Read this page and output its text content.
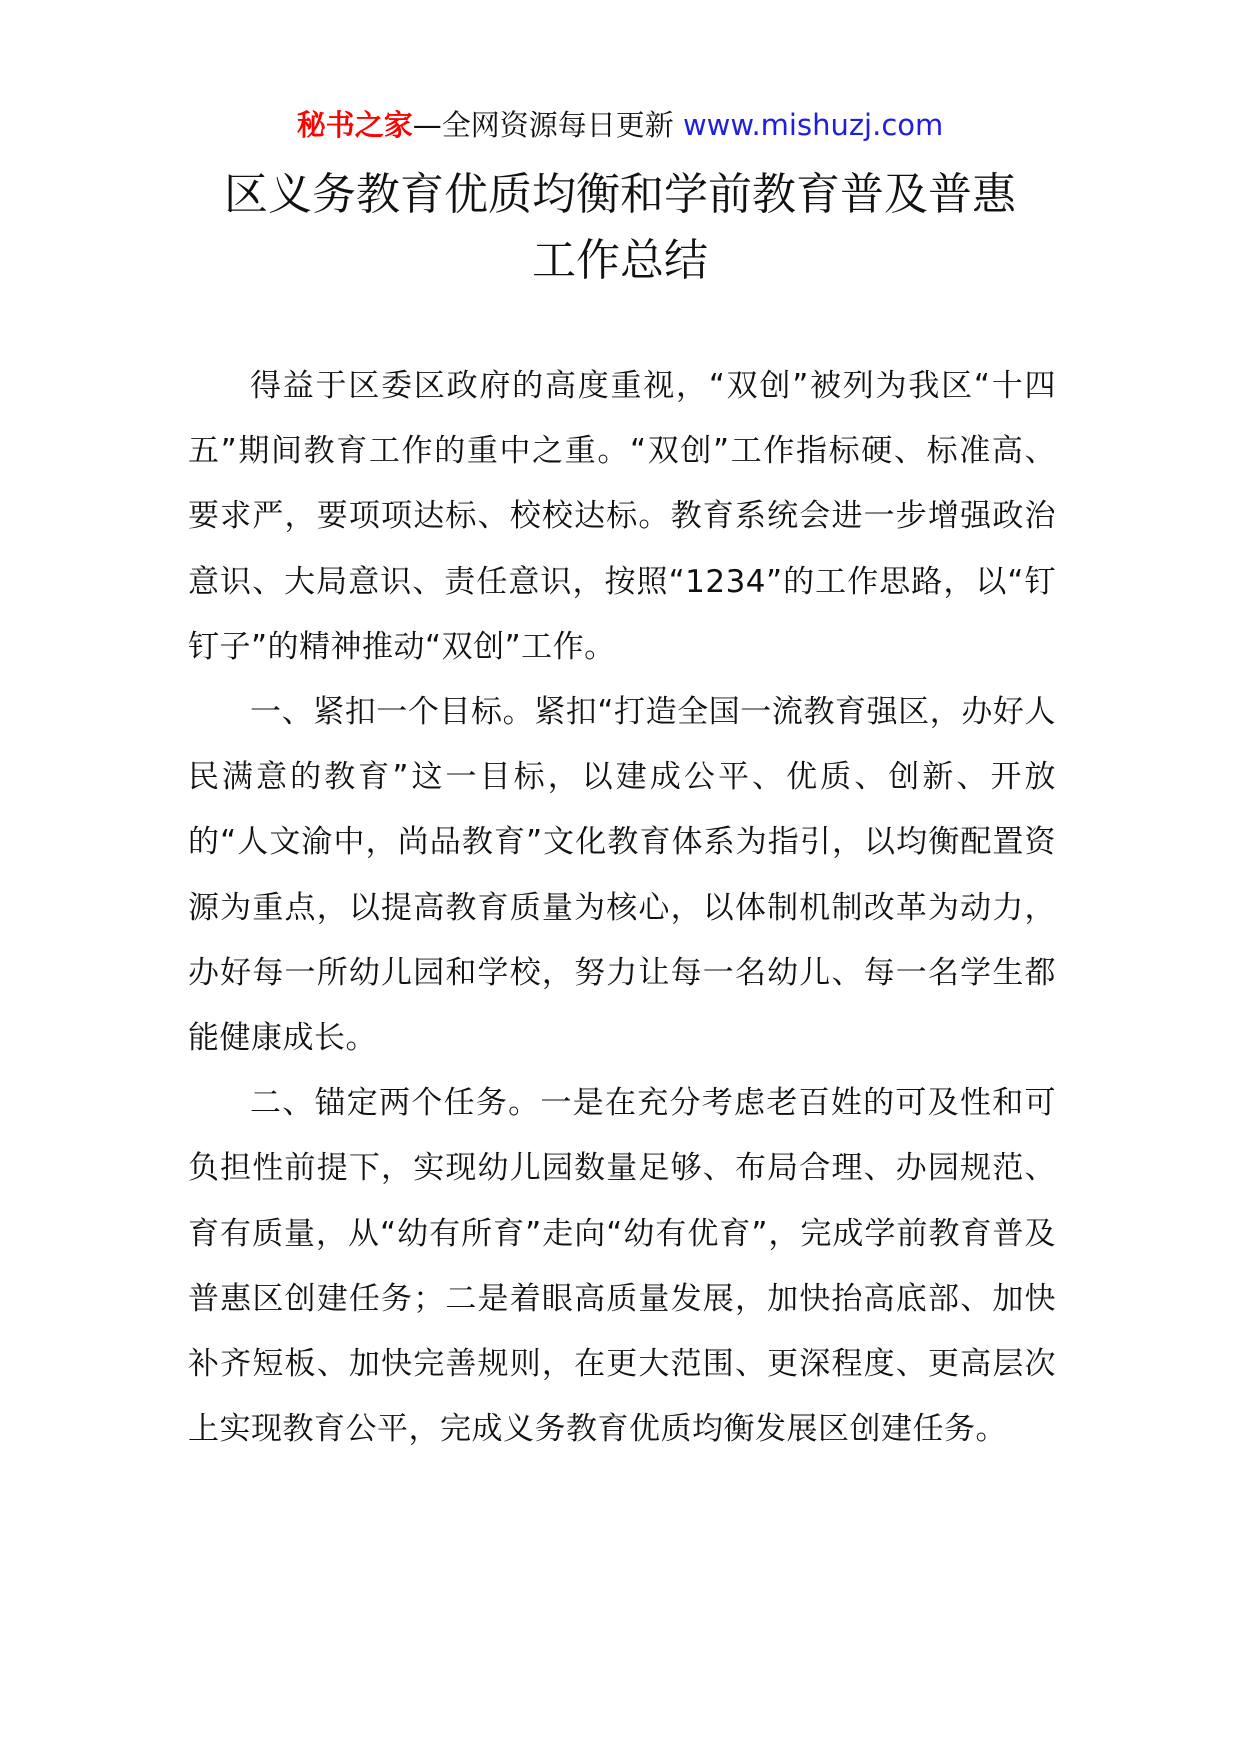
秘书之家—全网资源每日更新 www.mishuzj.com
区义务教育优质均衡和学前教育普及普惠
工作总结

得益于区委区政府的高度重视，“双创”被列为我区“十四五”期间教育工作的重中之重。“双创”工作指标硬、标准高、要求严，要项项达标、校校达标。教育系统会进一步增强政治意识、大局意识、责任意识，按照“1234”的工作思路，以“钉钉子”的精神推动“双创”工作。

一、紧扣一个目标。紧扣“打造全国一流教育强区，办好人民满意的教育”这一目标，以建成公平、优质、创新、开放的“人文渝中，尚品教育”文化教育体系为指引，以均衡配置资源为重点，以提高教育质量为核心，以体制机制改革为动力，办好每一所幼儿园和学校，努力让每一名幼儿、每一名学生都能健康成长。

二、锚定两个任务。一是在充分考虑老百姓的可及性和可负担性前提下，实现幼儿园数量足够、布局合理、办园规范、育有质量，从“幼有所育”走向“幼有优育”，完成学前教育普及普惠区创建任务；二是着眼高质量发展，加快抬高底部、加快补齐短板、加快完善规则，在更大范围、更深程度、更高层次上实现教育公平，完成义务教育优质均衡发展区创建任务。
